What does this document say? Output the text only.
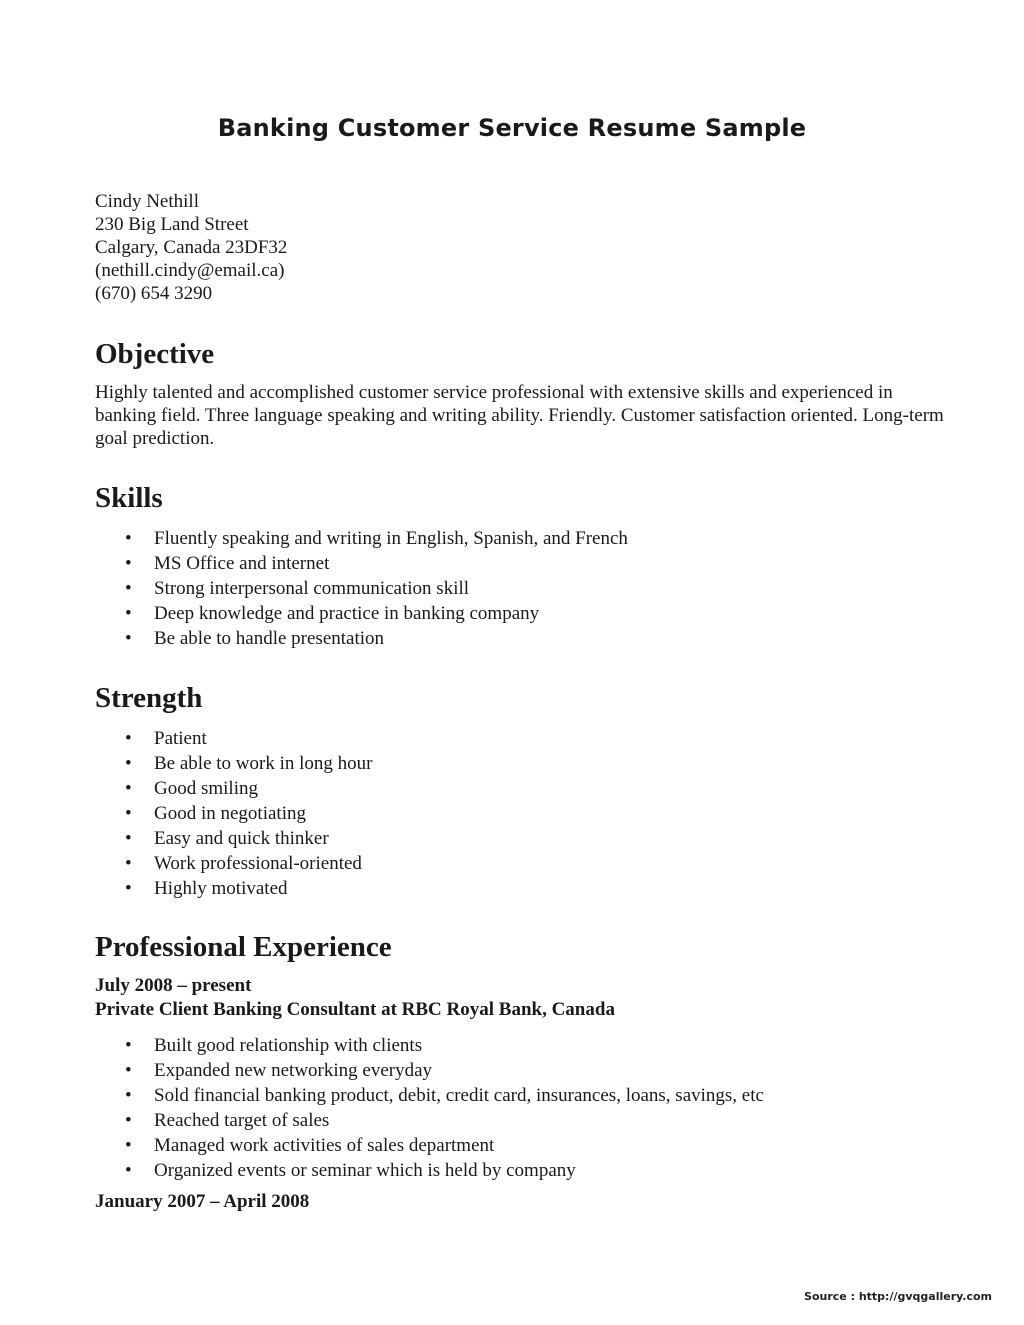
Banking Customer Service Resume Sample
Cindy Nethill
230 Big Land Street
Calgary, Canada 23DF32
(nethill.cindy@email.ca)
(670) 654 3290
Objective

Highly talented and accomplished customer service professional with extensive skills and experienced in banking field. Three language speaking and writing ability. Friendly. Customer satisfaction oriented. Long-term goal prediction.

Skills
• Fluently speaking and writing in English, Spanish, and French
• MS Office and internet
• Strong interpersonal communication skill
• Deep knowledge and practice in banking company
• Be able to handle presentation
Strength
• Patient
• Be able to work in long hour
• Good smiling
• Good in negotiating
• Easy and quick thinker
• Work professional-oriented
• Highly motivated
Professional Experience

July 2008 – present

Private Client Banking Consultant at RBC Royal Bank, Canada

• Built good relationship with clients
• Expanded new networking everyday
• Sold financial banking product, debit, credit card, insurances, loans, savings, etc
• Reached target of sales
• Managed work activities of sales department
• Organized events or seminar which is held by company

January 2007 – April 2008

Source : http://gvqgallery.com
